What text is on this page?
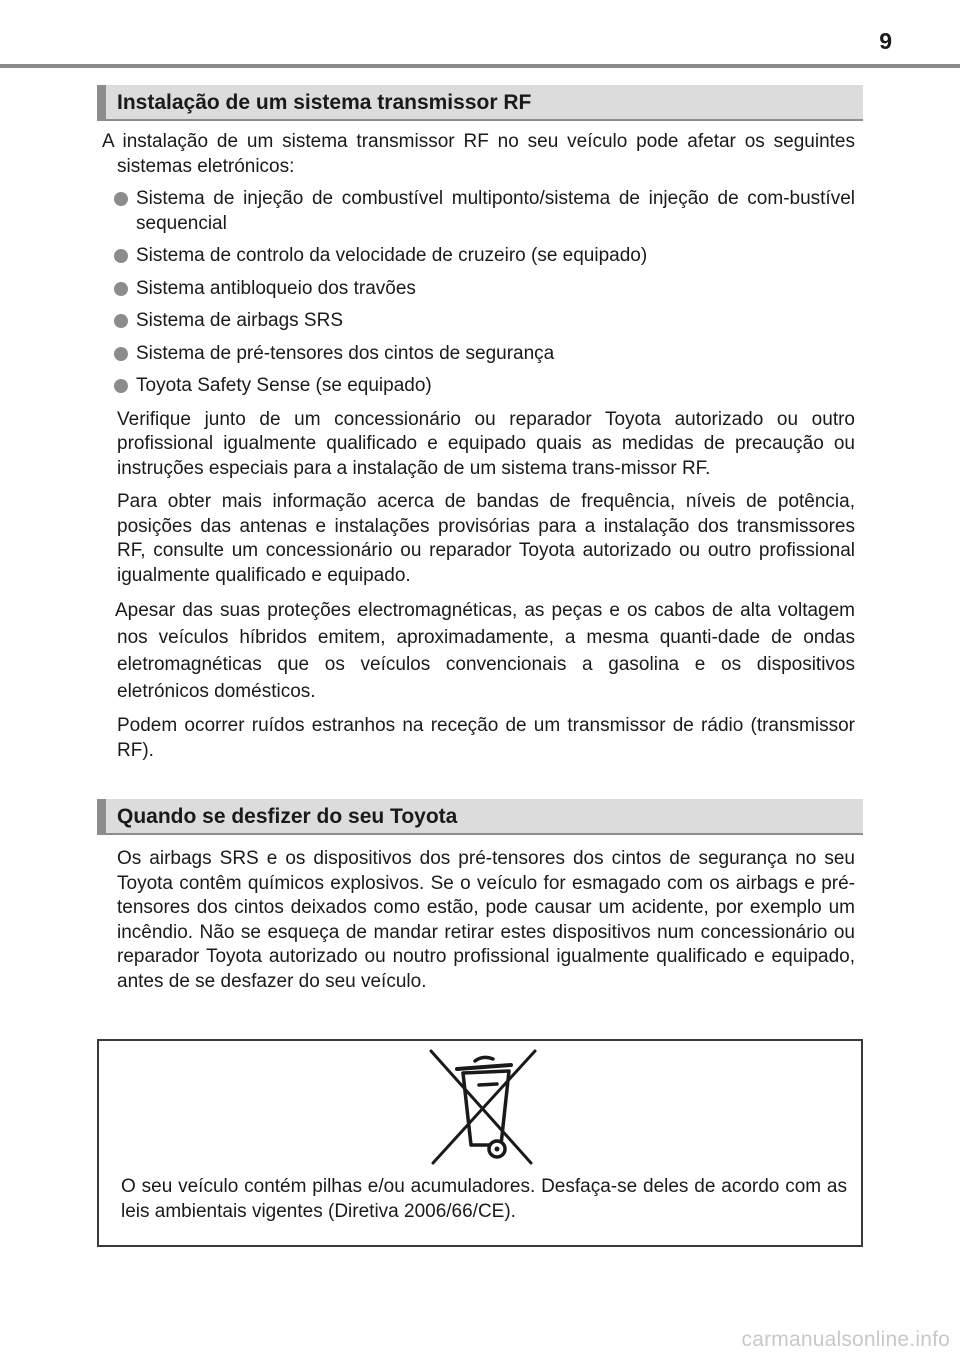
9
Instalação de um sistema transmissor RF

A instalação de um sistema transmissor RF no seu veículo pode afetar os seguintes sistemas eletrónicos:

Sistema de injeção de combustível multiponto/sistema de injeção de com-bustível sequencial

Sistema de controlo da velocidade de cruzeiro (se equipado)

Sistema antibloqueio dos travões

Sistema de airbags SRS

Sistema de pré-tensores dos cintos de segurança

Toyota Safety Sense (se equipado)

Verifique junto de um concessionário ou reparador Toyota autorizado ou outro profissional igualmente qualificado e equipado quais as medidas de precaução ou instruções especiais para a instalação de um sistema trans-missor RF.

Para obter mais informação acerca de bandas de frequência, níveis de potência, posições das antenas e instalações provisórias para a instalação dos transmissores RF, consulte um concessionário ou reparador Toyota autorizado ou outro profissional igualmente qualificado e equipado.

Apesar das suas proteções electromagnéticas, as peças e os cabos de alta voltagem nos veículos híbridos emitem, aproximadamente, a mesma quanti-dade de ondas eletromagnéticas que os veículos convencionais a gasolina e os dispositivos eletrónicos domésticos.

Podem ocorrer ruídos estranhos na receção de um transmissor de rádio (transmissor RF).

Quando se desfizer do seu Toyota

Os airbags SRS e os dispositivos dos pré-tensores dos cintos de segurança no seu Toyota contêm químicos explosivos. Se o veículo for esmagado com os airbags e pré-tensores dos cintos deixados como estão, pode causar um acidente, por exemplo um incêndio. Não se esqueça de mandar retirar estes dispositivos num concessionário ou reparador Toyota autorizado ou noutro profissional igualmente qualificado e equipado, antes de se desfazer do seu veículo.

O seu veículo contém pilhas e/ou acumuladores. Desfaça-se deles de acordo com as leis ambientais vigentes (Diretiva 2006/66/CE).

carmanualsonline.info
